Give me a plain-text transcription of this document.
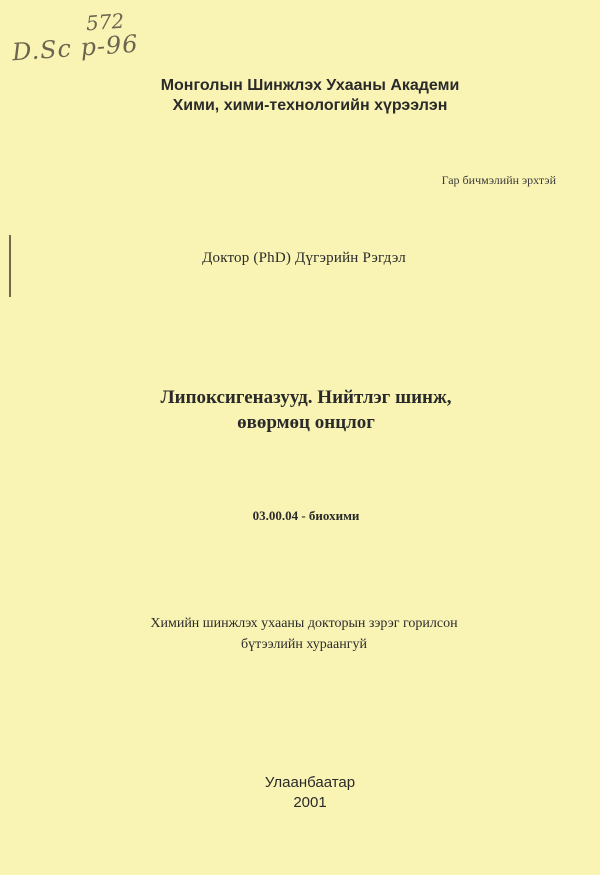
572
D.Sc p-96
Монголын Шинжлэх Ухааны Академи
Хими, хими-технологийн хүрээлэн
Гар бичмэлийн эрхтэй
Доктор (PhD) Дүгэрийн Рэгдэл
Липоксигеназууд. Нийтлэг шинж,
өвөрмөц онцлог
03.00.04 - биохими
Химийн шинжлэх ухааны докторын зэрэг горилсон
бүтээлийн хураангуй
Улаанбаатар
2001
